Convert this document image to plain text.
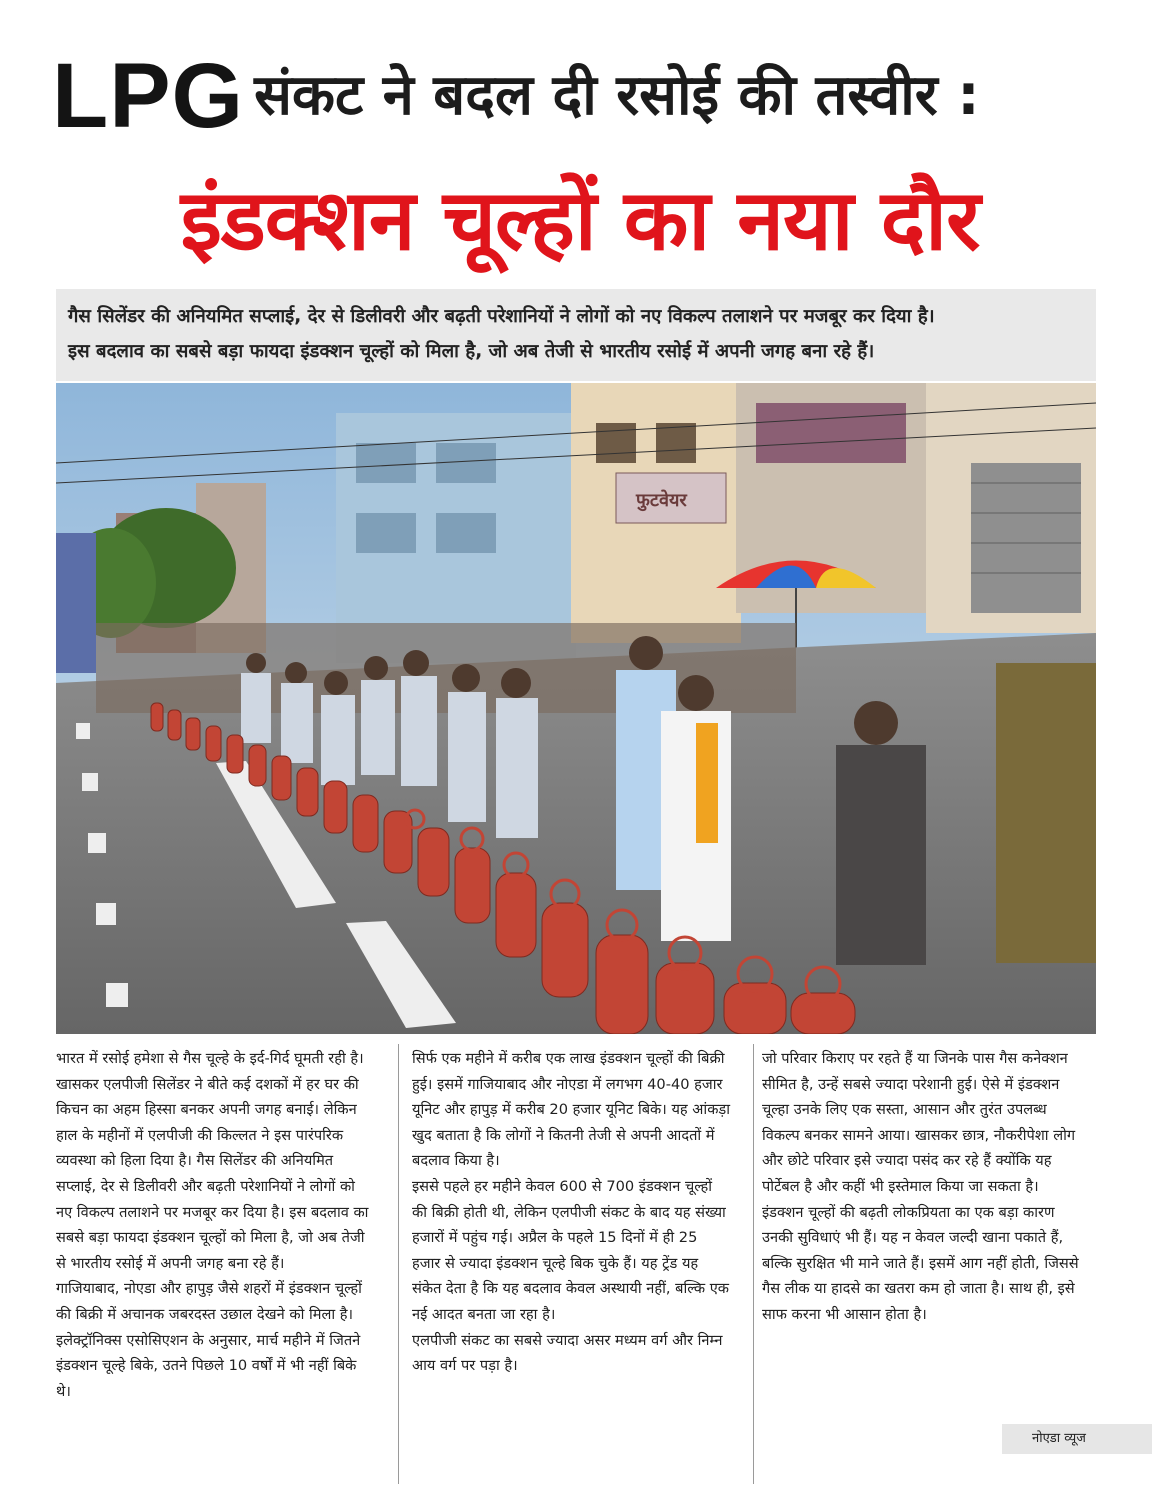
LPG संकट ने बदल दी रसोई की तस्वीर :
इंडक्शन चूल्हों का नया दौर

गैस सिलेंडर की अनियमित सप्लाई, देर से डिलीवरी और बढ़ती परेशानियों ने लोगों को नए विकल्प तलाशने पर मजबूर कर दिया है।

इस बदलाव का सबसे बड़ा फायदा इंडक्शन चूल्हों को मिला है, जो अब तेजी से भारतीय रसोई में अपनी जगह बना रहे हैं।

फुटवेयर

भारत में रसोई हमेशा से गैस चूल्हे के इर्द-गिर्द घूमती रही है। खासकर एलपीजी सिलेंडर ने बीते कई दशकों में हर घर की किचन का अहम हिस्सा बनकर अपनी जगह बनाई। लेकिन हाल के महीनों में एलपीजी की किल्लत ने इस पारंपरिक व्यवस्था को हिला दिया है। गैस सिलेंडर की अनियमित सप्लाई, देर से डिलीवरी और बढ़ती परेशानियों ने लोगों को नए विकल्प तलाशने पर मजबूर कर दिया है। इस बदलाव का सबसे बड़ा फायदा इंडक्शन चूल्हों को मिला है, जो अब तेजी से भारतीय रसोई में अपनी जगह बना रहे हैं।

गाजियाबाद, नोएडा और हापुड़ जैसे शहरों में इंडक्शन चूल्हों की बिक्री में अचानक जबरदस्त उछाल देखने को मिला है। इलेक्ट्रॉनिक्स एसोसिएशन के अनुसार, मार्च महीने में जितने इंडक्शन चूल्हे बिके, उतने पिछले 10 वर्षों में भी नहीं बिके थे।

सिर्फ एक महीने में करीब एक लाख इंडक्शन चूल्हों की बिक्री हुई। इसमें गाजियाबाद और नोएडा में लगभग 40-40 हजार यूनिट और हापुड़ में करीब 20 हजार यूनिट बिके। यह आंकड़ा खुद बताता है कि लोगों ने कितनी तेजी से अपनी आदतों में बदलाव किया है।

इससे पहले हर महीने केवल 600 से 700 इंडक्शन चूल्हों की बिक्री होती थी, लेकिन एलपीजी संकट के बाद यह संख्या हजारों में पहुंच गई। अप्रैल के पहले 15 दिनों में ही 25 हजार से ज्यादा इंडक्शन चूल्हे बिक चुके हैं। यह ट्रेंड यह संकेत देता है कि यह बदलाव केवल अस्थायी नहीं, बल्कि एक नई आदत बनता जा रहा है।

एलपीजी संकट का सबसे ज्यादा असर मध्यम वर्ग और निम्न आय वर्ग पर पड़ा है।

जो परिवार किराए पर रहते हैं या जिनके पास गैस कनेक्शन सीमित है, उन्हें सबसे ज्यादा परेशानी हुई। ऐसे में इंडक्शन चूल्हा उनके लिए एक सस्ता, आसान और तुरंत उपलब्ध विकल्प बनकर सामने आया। खासकर छात्र, नौकरीपेशा लोग और छोटे परिवार इसे ज्यादा पसंद कर रहे हैं क्योंकि यह पोर्टेबल है और कहीं भी इस्तेमाल किया जा सकता है।

इंडक्शन चूल्हों की बढ़ती लोकप्रियता का एक बड़ा कारण उनकी सुविधाएं भी हैं। यह न केवल जल्दी खाना पकाते हैं, बल्कि सुरक्षित भी माने जाते हैं। इसमें आग नहीं होती, जिससे गैस लीक या हादसे का खतरा कम हो जाता है। साथ ही, इसे साफ करना भी आसान होता है।

नोएडा व्यूज
